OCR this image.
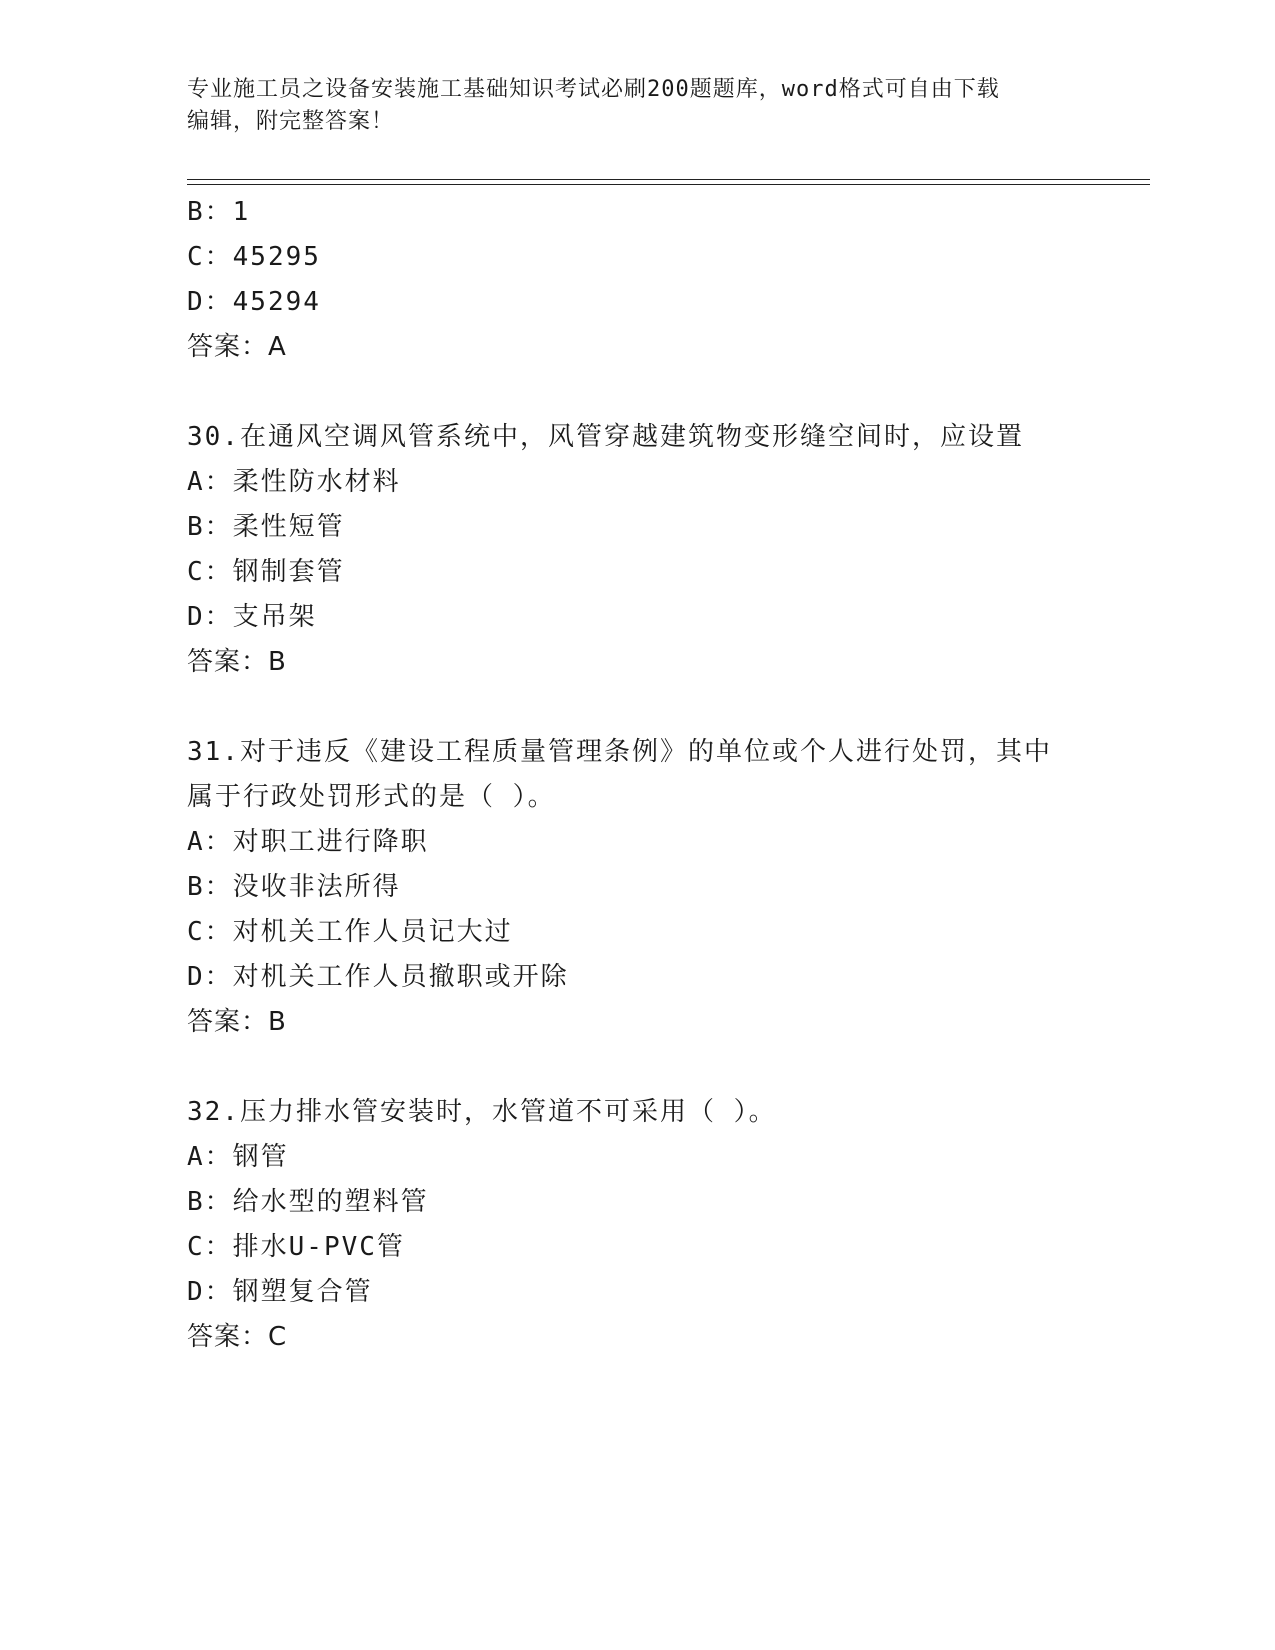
专业施工员之设备安装施工基础知识考试必刷200题题库，word格式可自由下载
编辑，附完整答案！
B：1
C：45295
D：45294
答案：A
30.在通风空调风管系统中，风管穿越建筑物变形缝空间时，应设置
A：柔性防水材料
B：柔性短管
C：钢制套管
D：支吊架
答案：B
31.对于违反《建设工程质量管理条例》的单位或个人进行处罚，其中
属于行政处罚形式的是（ ）。
A：对职工进行降职
B：没收非法所得
C：对机关工作人员记大过
D：对机关工作人员撤职或开除
答案：B
32.压力排水管安装时，水管道不可采用（ ）。
A：钢管
B：给水型的塑料管
C：排水U-PVC管
D：钢塑复合管
答案：C
